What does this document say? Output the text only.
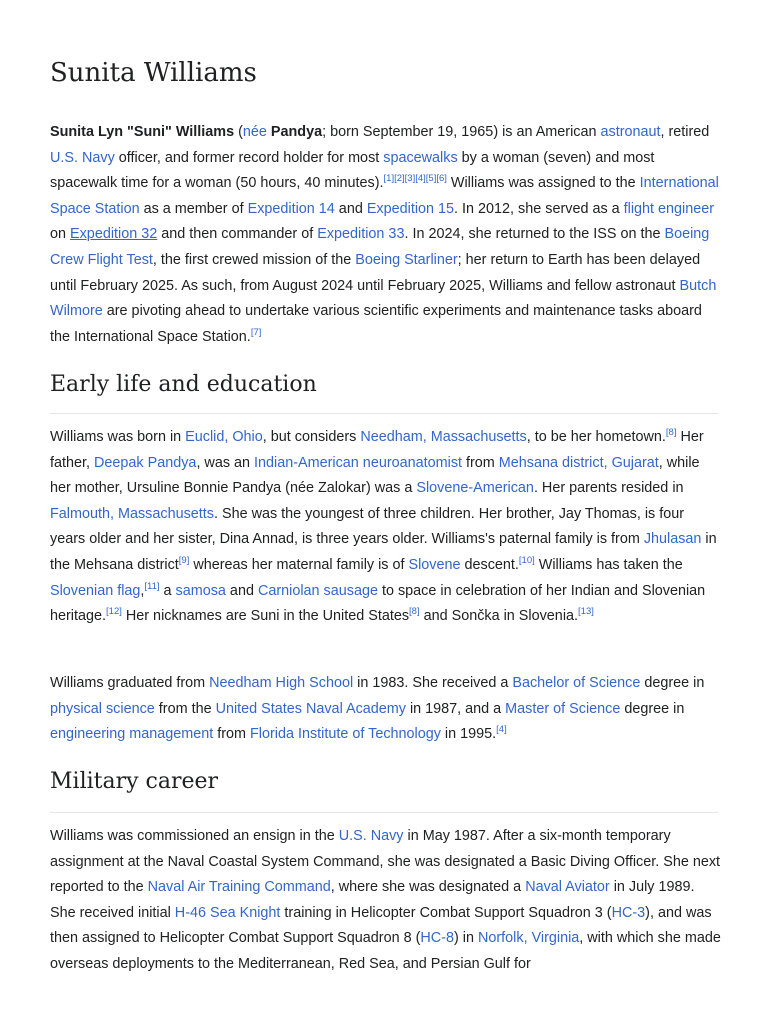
Sunita Williams

Sunita Lyn "Suni" Williams (née Pandya; born September 19, 1965) is an American astronaut, retired U.S. Navy officer, and former record holder for most spacewalks by a woman (seven) and most spacewalk time for a woman (50 hours, 40 minutes).[1][2][3][4][5][6] Williams was assigned to the International Space Station as a member of Expedition 14 and Expedition 15. In 2012, she served as a flight engineer on Expedition 32 and then commander of Expedition 33. In 2024, she returned to the ISS on the Boeing Crew Flight Test, the first crewed mission of the Boeing Starliner; her return to Earth has been delayed until February 2025. As such, from August 2024 until February 2025, Williams and fellow astronaut Butch Wilmore are pivoting ahead to undertake various scientific experiments and maintenance tasks aboard the International Space Station.[7]

Early life and education

Williams was born in Euclid, Ohio, but considers Needham, Massachusetts, to be her hometown.[8] Her father, Deepak Pandya, was an Indian-American neuroanatomist from Mehsana district, Gujarat, while her mother, Ursuline Bonnie Pandya (née Zalokar) was a Slovene-American. Her parents resided in Falmouth, Massachusetts. She was the youngest of three children. Her brother, Jay Thomas, is four years older and her sister, Dina Annad, is three years older. Williams's paternal family is from Jhulasan in the Mehsana district[9] whereas her maternal family is of Slovene descent.[10] Williams has taken the Slovenian flag,[11] a samosa and Carniolan sausage to space in celebration of her Indian and Slovenian heritage.[12] Her nicknames are Suni in the United States[8] and Sončka in Slovenia.[13]

Williams graduated from Needham High School in 1983. She received a Bachelor of Science degree in physical science from the United States Naval Academy in 1987, and a Master of Science degree in engineering management from Florida Institute of Technology in 1995.[4]

Military career

Williams was commissioned an ensign in the U.S. Navy in May 1987. After a six-month temporary assignment at the Naval Coastal System Command, she was designated a Basic Diving Officer. She next reported to the Naval Air Training Command, where she was designated a Naval Aviator in July 1989. She received initial H-46 Sea Knight training in Helicopter Combat Support Squadron 3 (HC-3), and was then assigned to Helicopter Combat Support Squadron 8 (HC-8) in Norfolk, Virginia, with which she made overseas deployments to the Mediterranean, Red Sea, and Persian Gulf for
